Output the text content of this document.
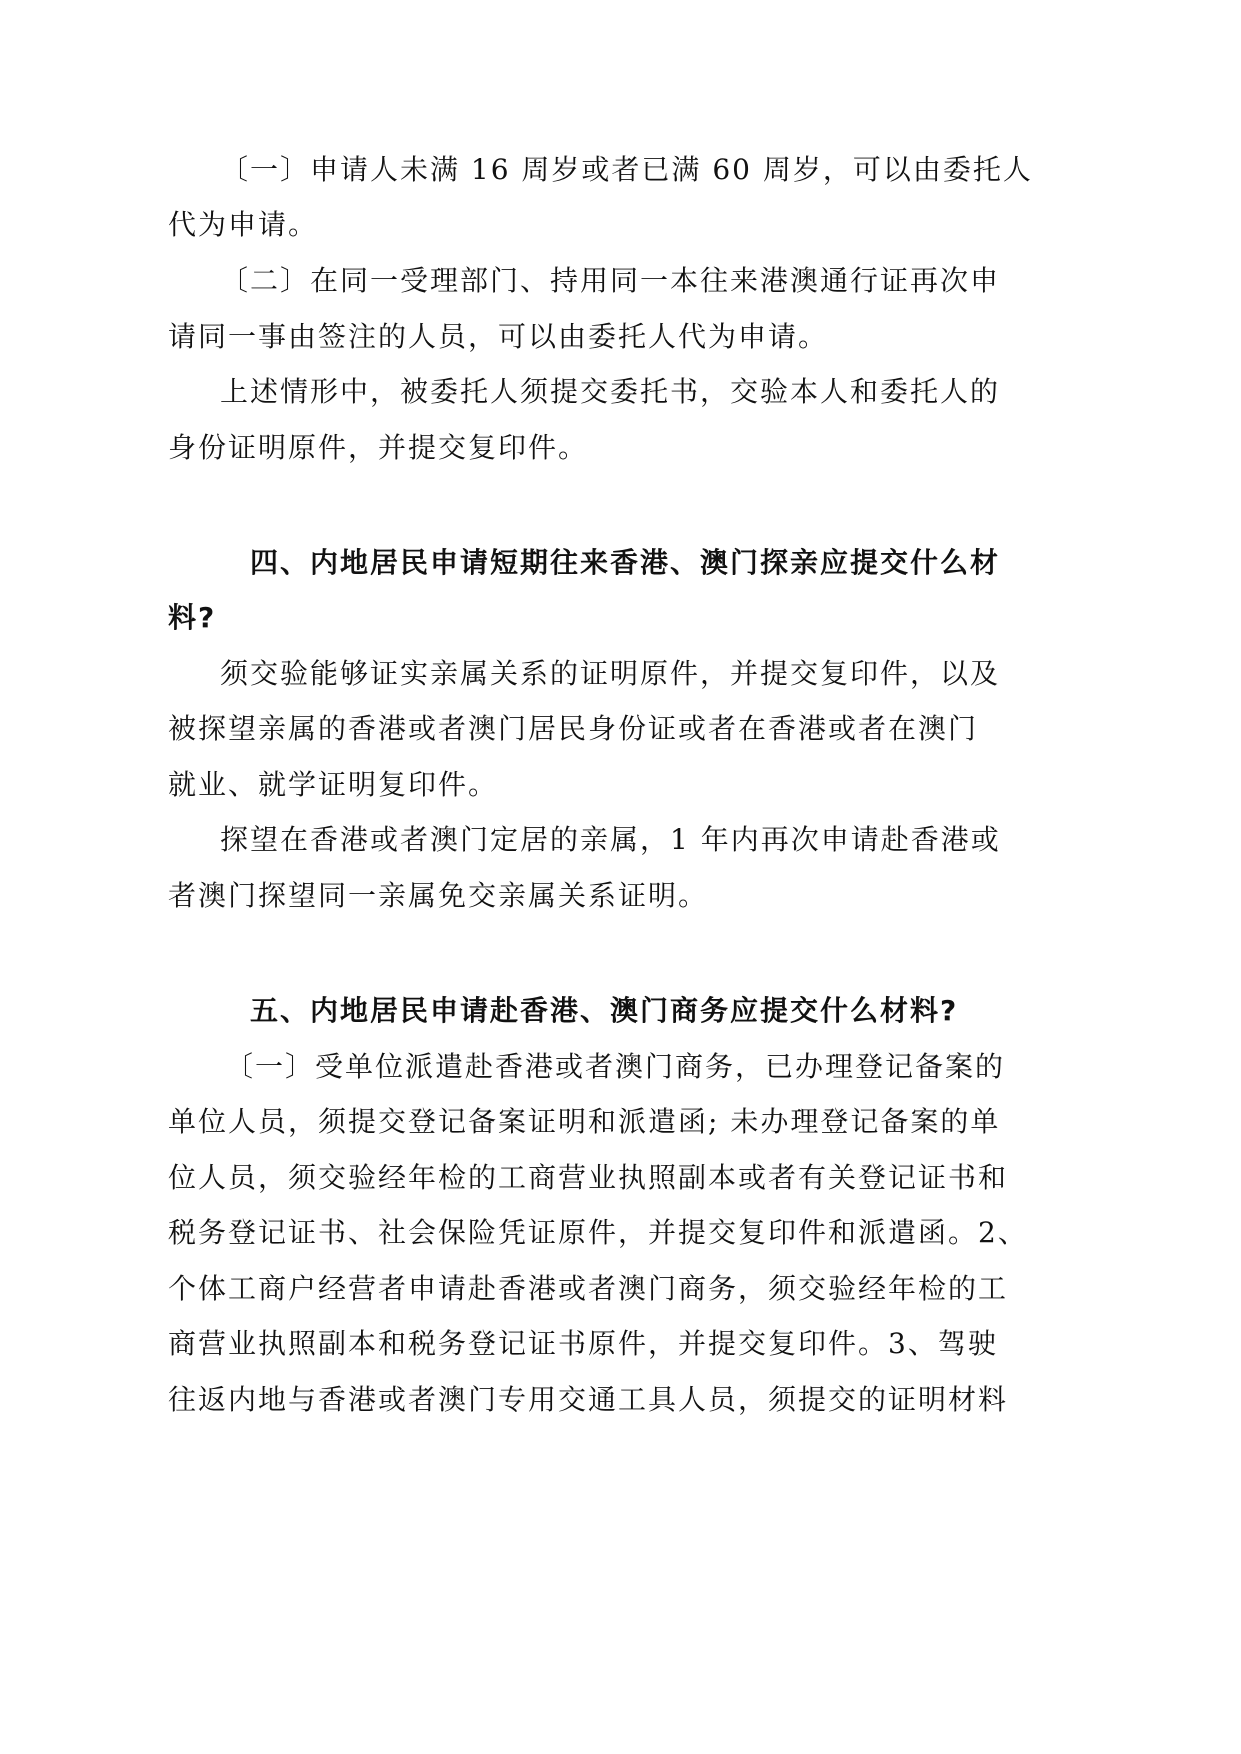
〔一〕申请人未满 16 周岁或者已满 60 周岁，可以由委托人
代为申请。
〔二〕在同一受理部门、持用同一本往来港澳通行证再次申
请同一事由签注的人员，可以由委托人代为申请。
上述情形中，被委托人须提交委托书，交验本人和委托人的
身份证明原件，并提交复印件。
四、内地居民申请短期往来香港、澳门探亲应提交什么材
料?
须交验能够证实亲属关系的证明原件，并提交复印件，以及
被探望亲属的香港或者澳门居民身份证或者在香港或者在澳门
就业、就学证明复印件。
探望在香港或者澳门定居的亲属，1 年内再次申请赴香港或
者澳门探望同一亲属免交亲属关系证明。
五、内地居民申请赴香港、澳门商务应提交什么材料?
〔一〕受单位派遣赴香港或者澳门商务，已办理登记备案的
单位人员，须提交登记备案证明和派遣函; 未办理登记备案的单
位人员，须交验经年检的工商营业执照副本或者有关登记证书和
税务登记证书、社会保险凭证原件，并提交复印件和派遣函。2、
个体工商户经营者申请赴香港或者澳门商务，须交验经年检的工
商营业执照副本和税务登记证书原件，并提交复印件。3、驾驶
往返内地与香港或者澳门专用交通工具人员，须提交的证明材料
